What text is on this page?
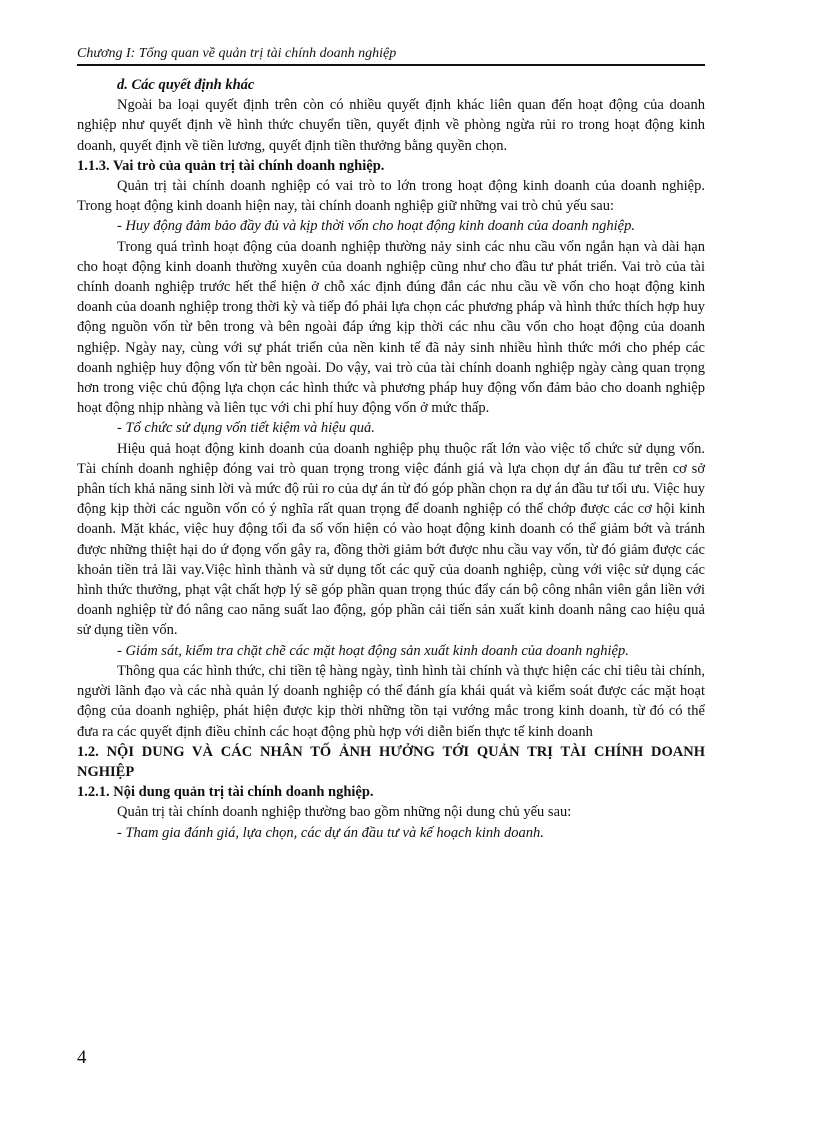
Chương I: Tổng quan về quản trị tài chính doanh nghiệp

d. Các quyết định khác

Ngoài ba loại quyết định trên còn có nhiều quyết định khác liên quan đến hoạt động của doanh nghiệp như quyết định về hình thức chuyển tiền, quyết định về phòng ngừa rủi ro trong hoạt động kinh doanh, quyết định về tiền lương, quyết định tiền thưởng bằng quyền chọn.

1.1.3. Vai trò của quản trị tài chính doanh nghiệp.

Quản trị tài chính doanh nghiệp có vai trò to lớn trong hoạt động kinh doanh của doanh nghiệp. Trong hoạt động kinh doanh hiện nay, tài chính doanh nghiệp giữ những vai trò chủ yếu sau:

- Huy động đảm bảo đầy đủ và kịp thời vốn cho hoạt động kinh doanh của doanh nghiệp.

Trong quá trình hoạt động của doanh nghiệp thường nảy sinh các nhu cầu vốn ngắn hạn và dài hạn cho hoạt động kinh doanh thường xuyên của doanh nghiệp cũng như cho đầu tư phát triển. Vai trò của tài chính doanh nghiệp trước hết thể hiện ở chỗ xác định đúng đắn các nhu cầu về vốn cho hoạt động kinh doanh của doanh nghiệp trong thời kỳ và tiếp đó phải lựa chọn các phương pháp và hình thức thích hợp huy động nguồn vốn từ bên trong và bên ngoài đáp ứng kịp thời các nhu cầu vốn cho hoạt động của doanh nghiệp. Ngày nay, cùng với sự phát triển của nền kinh tế đã nảy sinh nhiều hình thức mới cho phép các doanh nghiệp huy động vốn từ bên ngoài. Do vậy, vai trò của tài chính doanh nghiệp ngày càng quan trọng hơn trong việc chủ động lựa chọn các hình thức và phương pháp huy động vốn đảm bảo cho doanh nghiệp hoạt động nhịp nhàng và liên tục với chi phí huy động vốn ở mức thấp.

- Tổ chức sử dụng vốn tiết kiệm và hiệu quả.

Hiệu quả hoạt động kinh doanh của doanh nghiệp phụ thuộc rất lớn vào việc tổ chức sử dụng vốn. Tài chính doanh nghiệp đóng vai trò quan trọng trong việc đánh giá và lựa chọn dự án đầu tư trên cơ sở phân tích khả năng sinh lời và mức độ rủi ro của dự án từ đó góp phần chọn ra dự án đầu tư tối ưu. Việc huy động kịp thời các nguồn vốn có ý nghĩa rất quan trọng để doanh nghiệp có thể chớp được các cơ hội kinh doanh. Mặt khác, việc huy động tối đa số vốn hiện có vào hoạt động kinh doanh có thể giảm bớt và tránh được những thiệt hại do ứ đọng vốn gây ra, đồng thời giảm bớt được nhu cầu vay vốn, từ đó giảm được các khoản tiền trả lãi vay.Việc hình thành và sử dụng tốt các quỹ của doanh nghiệp, cùng với việc sử dụng các hình thức thưởng, phạt vật chất hợp lý sẽ góp phần quan trọng thúc đẩy cán bộ công nhân viên gắn liền với doanh nghiệp từ đó nâng cao năng suất lao động, góp phần cải tiến sản xuất kinh doanh nâng cao hiệu quả sử dụng tiền vốn.

- Giám sát, kiểm tra chặt chẽ các mặt hoạt động sản xuất kinh doanh của doanh nghiệp.

Thông qua các hình thức, chi tiền tệ hàng ngày, tình hình tài chính và thực hiện các chỉ tiêu tài chính, người lãnh đạo và các nhà quản lý doanh nghiệp có thể đánh gía khái quát và kiểm soát được các mặt hoạt động của doanh nghiệp, phát hiện được kịp thời những tồn tại vướng mắc trong kinh doanh, từ đó có thể đưa ra các quyết định điều chỉnh các hoạt động phù hợp với diễn biến thực tế kinh doanh

1.2. NỘI DUNG VÀ CÁC NHÂN TỐ ẢNH HƯỞNG TỚI QUẢN TRỊ TÀI CHÍNH DOANH NGHIỆP

1.2.1. Nội dung quản trị tài chính doanh nghiệp.

Quản trị tài chính doanh nghiệp thường bao gồm những nội dung chủ yếu sau:

- Tham gia đánh giá, lựa chọn, các dự án đầu tư và kế hoạch kinh doanh.

4
